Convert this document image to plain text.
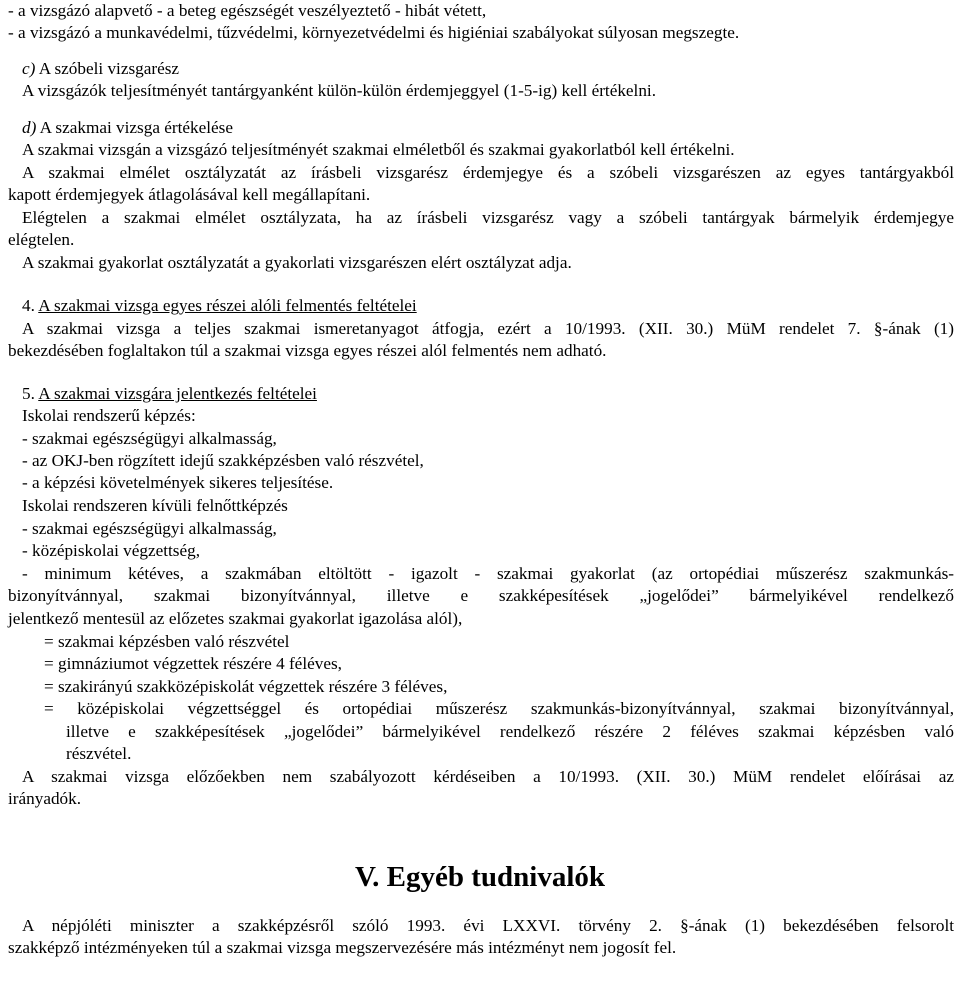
- a vizsgázó alapvető - a beteg egészségét veszélyeztető - hibát vétett,
- a vizsgázó a munkavédelmi, tűzvédelmi, környezetvédelmi és higiéniai szabályokat súlyosan megszegte.
c) A szóbeli vizsgarész
A vizsgázók teljesítményét tantárgyanként külön-külön érdemjeggyel (1-5-ig) kell értékelni.
d) A szakmai vizsga értékelése
A szakmai vizsgán a vizsgázó teljesítményét szakmai elméletből és szakmai gyakorlatból kell értékelni.
A szakmai elmélet osztályzatát az írásbeli vizsgarész érdemjegye és a szóbeli vizsgarészen az egyes tantárgyakból
kapott érdemjegyek átlagolásával kell megállapítani.
Elégtelen a szakmai elmélet osztályzata, ha az írásbeli vizsgarész vagy a szóbeli tantárgyak bármelyik érdemjegye
elégtelen.
A szakmai gyakorlat osztályzatát a gyakorlati vizsgarészen elért osztályzat adja.
4. A szakmai vizsga egyes részei alóli felmentés feltételei
A szakmai vizsga a teljes szakmai ismeretanyagot átfogja, ezért a 10/1993. (XII. 30.) MüM rendelet 7. §-ának (1)
bekezdésében foglaltakon túl a szakmai vizsga egyes részei alól felmentés nem adható.
5. A szakmai vizsgára jelentkezés feltételei
Iskolai rendszerű képzés:
- szakmai egészségügyi alkalmasság,
- az OKJ-ben rögzített idejű szakképzésben való részvétel,
- a képzési követelmények sikeres teljesítése.
Iskolai rendszeren kívüli felnőttképzés
- szakmai egészségügyi alkalmasság,
- középiskolai végzettség,
- minimum kétéves, a szakmában eltöltött - igazolt - szakmai gyakorlat (az ortopédiai műszerész szakmunkás-
bizonyítvánnyal, szakmai bizonyítvánnyal, illetve e szakképesítések „jogelődei” bármelyikével rendelkező
jelentkező mentesül az előzetes szakmai gyakorlat igazolása alól),
= szakmai képzésben való részvétel
= gimnáziumot végzettek részére 4 féléves,
= szakirányú szakközépiskolát végzettek részére 3 féléves,
= középiskolai végzettséggel és ortopédiai műszerész szakmunkás-bizonyítvánnyal, szakmai bizonyítvánnyal,
illetve e szakképesítések „jogelődei” bármelyikével rendelkező részére 2 féléves szakmai képzésben való
részvétel.
A szakmai vizsga előzőekben nem szabályozott kérdéseiben a 10/1993. (XII. 30.) MüM rendelet előírásai az
irányadók.
V. Egyéb tudnivalók
A népjóléti miniszter a szakképzésről szóló 1993. évi LXXVI. törvény 2. §-ának (1) bekezdésében felsorolt
szakképző intézményeken túl a szakmai vizsga megszervezésére más intézményt nem jogosít fel.
